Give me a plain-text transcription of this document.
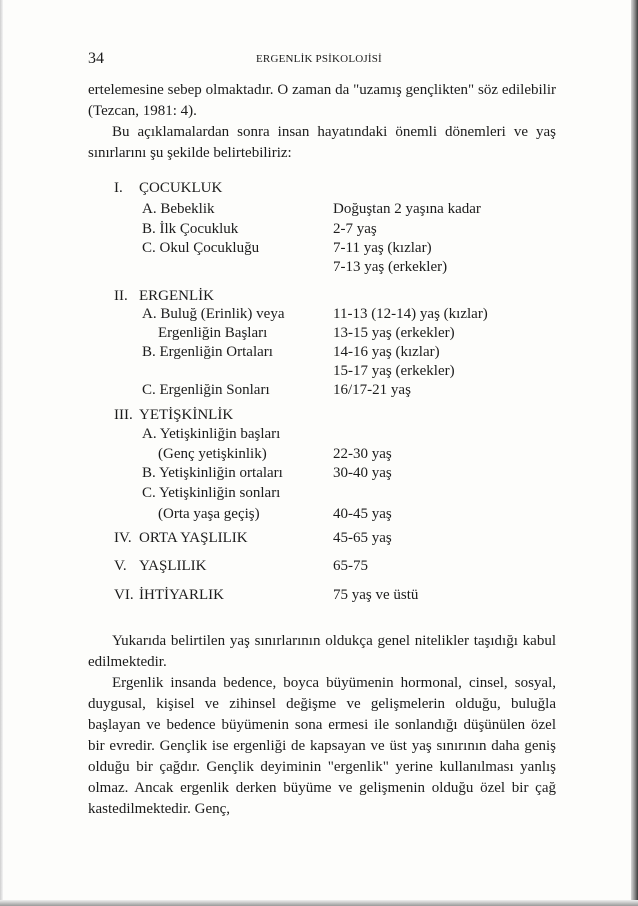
34	ERGENLİK PSİKOLOJİSİ

ertelemesine sebep olmaktadır. O zaman da "uzamış gençlikten" söz edilebilir (Tezcan, 1981: 4).

Bu açıklamalardan sonra insan hayatındaki önemli dönemleri ve yaş sınırlarını şu şekilde belirtebiliriz:

I. ÇOCUKLUK
A. Bebeklik	Doğuştan 2 yaşına kadar
B. İlk Çocukluk	2-7 yaş
C. Okul Çocukluğu	7-11 yaş (kızlar)
7-13 yaş (erkekler)
II. ERGENLİK
A. Buluğ (Erinlik) veya	11-13 (12-14) yaş (kızlar)
Ergenliğin Başları	13-15 yaş (erkekler)
B. Ergenliğin Ortaları	14-16 yaş (kızlar)
15-17 yaş (erkekler)
C. Ergenliğin Sonları	16/17-21 yaş
III. YETİŞKİNLİK
A. Yetişkinliğin başları
(Genç yetişkinlik)	22-30 yaş
B. Yetişkinliğin ortaları	30-40 yaş
C. Yetişkinliğin sonları
(Orta yaşa geçiş)	40-45 yaş
IV. ORTA YAŞLILIK	45-65 yaş
V. YAŞLILIK	65-75
VI. İHTİYARLIK	75 yaş ve üstü

Yukarıda belirtilen yaş sınırlarının oldukça genel nitelikler taşıdığı kabul edilmektedir.

Ergenlik insanda bedence, boyca büyümenin hormonal, cinsel, sosyal, duygusal, kişisel ve zihinsel değişme ve gelişmelerin olduğu, buluğla başlayan ve bedence büyümenin sona ermesi ile sonlandığı düşünülen özel bir evredir. Gençlik ise ergenliği de kapsayan ve üst yaş sınırının daha geniş olduğu bir çağdır. Gençlik deyiminin "ergenlik" yerine kullanılması yanlış olmaz. Ancak ergenlik derken büyüme ve gelişmenin olduğu özel bir çağ kastedilmektedir. Genç,
